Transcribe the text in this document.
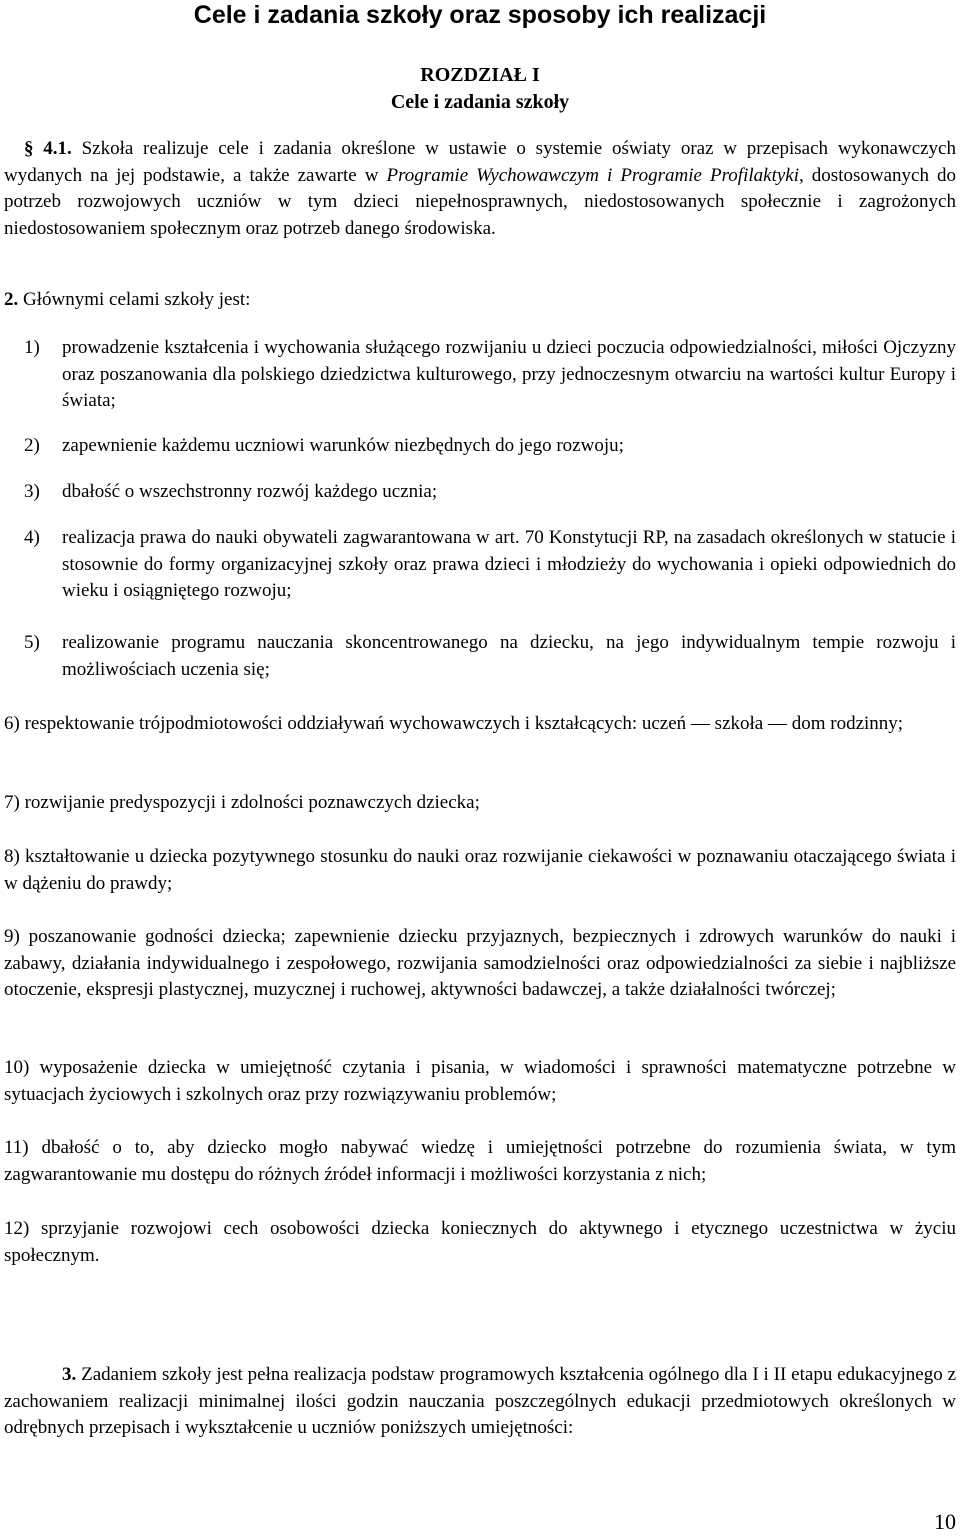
Cele i zadania szkoły oraz sposoby ich realizacji
ROZDZIAŁ I
Cele i zadania szkoły
§ 4.1. Szkoła realizuje cele i zadania określone w ustawie o systemie oświaty oraz w przepisach wykonawczych wydanych na jej podstawie, a także zawarte w Programie Wychowawczym i Programie Profilaktyki, dostosowanych do potrzeb rozwojowych uczniów w tym dzieci niepełnosprawnych, niedostosowanych społecznie i zagrożonych niedostosowaniem społecznym oraz potrzeb danego środowiska.
2. Głównymi celami szkoły jest:
1) prowadzenie kształcenia i wychowania służącego rozwijaniu u dzieci poczucia odpowiedzialności, miłości Ojczyzny oraz poszanowania dla polskiego dziedzictwa kulturowego, przy jednoczesnym otwarciu na wartości kultur Europy i świata;
2) zapewnienie każdemu uczniowi warunków niezbędnych do jego rozwoju;
3) dbałość o wszechstronny rozwój każdego ucznia;
4) realizacja prawa do nauki obywateli zagwarantowana w art. 70 Konstytucji RP, na zasadach określonych w statucie i stosownie do formy organizacyjnej szkoły oraz prawa dzieci i młodzieży do wychowania i opieki odpowiednich do wieku i osiągniętego rozwoju;
5) realizowanie programu nauczania skoncentrowanego na dziecku, na jego indywidualnym tempie rozwoju i możliwościach uczenia się;
6) respektowanie trójpodmiotowości oddziaływań wychowawczych i kształcących: uczeń — szkoła — dom rodzinny;
7) rozwijanie predyspozycji i zdolności poznawczych dziecka;
8) kształtowanie u dziecka pozytywnego stosunku do nauki oraz rozwijanie ciekawości w poznawaniu otaczającego świata i w dążeniu do prawdy;
9) poszanowanie godności dziecka; zapewnienie dziecku przyjaznych, bezpiecznych i zdrowych warunków do nauki i zabawy, działania indywidualnego i zespołowego, rozwijania samodzielności oraz odpowiedzialności za siebie i najbliższe otoczenie, ekspresji plastycznej, muzycznej i ruchowej, aktywności badawczej, a także działalności twórczej;
10) wyposażenie dziecka w umiejętność czytania i pisania, w wiadomości i sprawności matematyczne potrzebne w sytuacjach życiowych i szkolnych oraz przy rozwiązywaniu problemów;
11) dbałość o to, aby dziecko mogło nabywać wiedzę i umiejętności potrzebne do rozumienia świata, w tym zagwarantowanie mu dostępu do różnych źródeł informacji i możliwości korzystania z nich;
12) sprzyjanie rozwojowi cech osobowości dziecka koniecznych do aktywnego i etycznego uczestnictwa w życiu społecznym.
3. Zadaniem szkoły jest pełna realizacja podstaw programowych kształcenia ogólnego dla I i II etapu edukacyjnego z zachowaniem realizacji minimalnej ilości godzin nauczania poszczególnych edukacji przedmiotowych określonych w odrębnych przepisach i wykształcenie u uczniów poniższych umiejętności:
10
